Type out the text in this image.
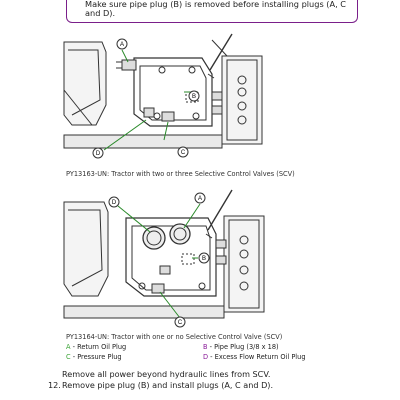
Make sure pipe plug (B) is removed before installing plugs (A, C
and D).
A
B
C
D
PY13163-UN: Tractor with two or three Selective Control Valves (SCV)
A
B
C
D
PY13164-UN: Tractor with one or no Selective Control Valve (SCV)
A - Return Oil Plug	B - Pipe Plug (3/8 x 18)
C - Pressure Plug	D - Excess Flow Return Oil Plug
Remove all power beyond hydraulic lines from SCV.
12.Remove pipe plug (B) and install plugs (A, C and D).
